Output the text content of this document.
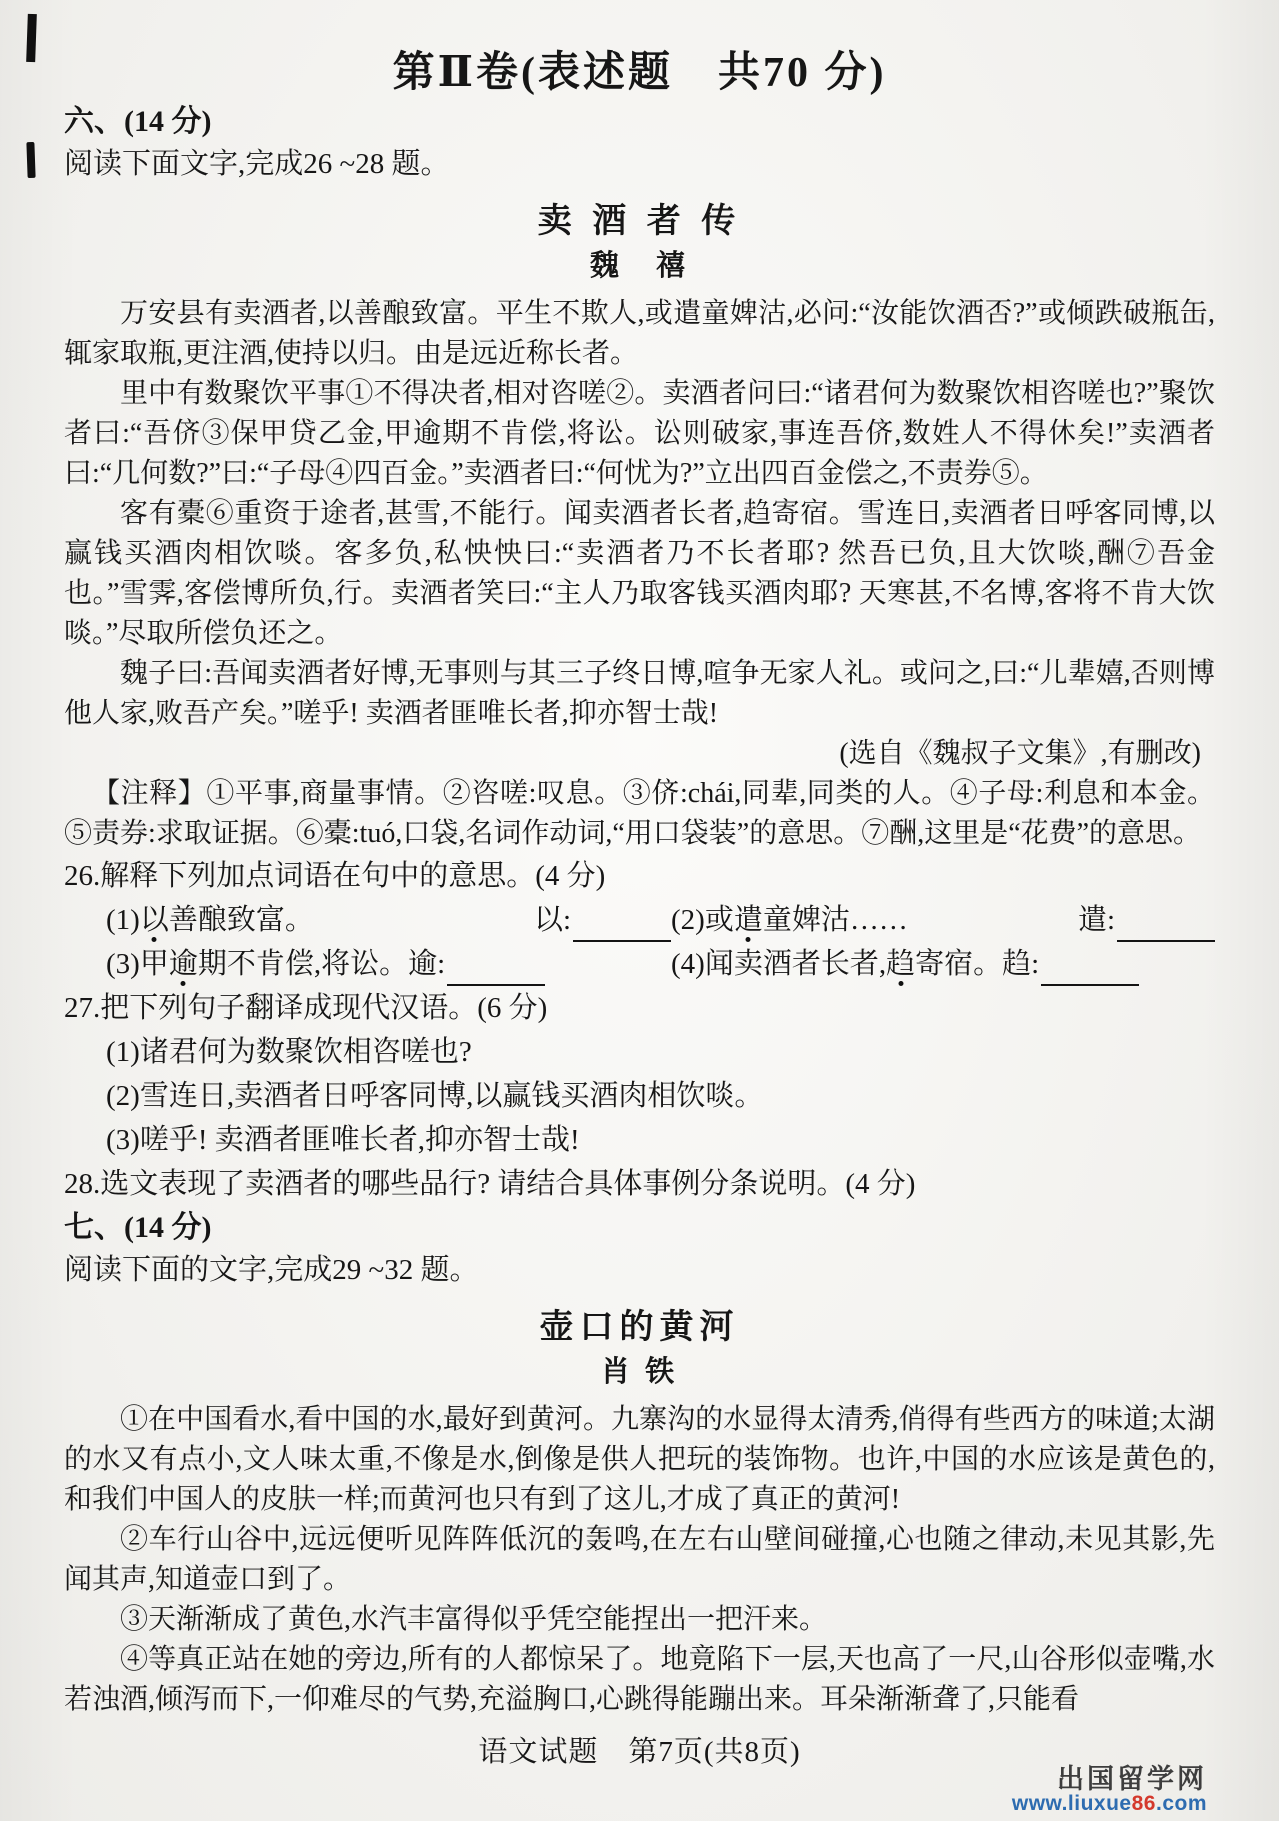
第Ⅱ卷(表述题　共70 分)
六、(14 分)
阅读下面文字,完成26 ~28 题。
卖 酒 者 传
魏　禧

万安县有卖酒者,以善酿致富。平生不欺人,或遣童婢沽,必问:“汝能饮酒否?”或倾跌破瓶缶,辄家取瓶,更注酒,使持以归。由是远近称长者。

里中有数聚饮平事①不得决者,相对咨嗟②。卖酒者问曰:“诸君何为数聚饮相咨嗟也?”聚饮者曰:“吾侪③保甲贷乙金,甲逾期不肯偿,将讼。讼则破家,事连吾侪,数姓人不得休矣!”卖酒者曰:“几何数?”曰:“子母④四百金。”卖酒者曰:“何忧为?”立出四百金偿之,不责券⑤。

客有橐⑥重资于途者,甚雪,不能行。闻卖酒者长者,趋寄宿。雪连日,卖酒者日呼客同博,以赢钱买酒肉相饮啖。客多负,私怏怏曰:“卖酒者乃不长者耶? 然吾已负,且大饮啖,酬⑦吾金也。”雪霁,客偿博所负,行。卖酒者笑曰:“主人乃取客钱买酒肉耶? 天寒甚,不名博,客将不肯大饮啖。”尽取所偿负还之。

魏子曰:吾闻卖酒者好博,无事则与其三子终日博,喧争无家人礼。或问之,曰:“儿辈嬉,否则博他人家,败吾产矣。”嗟乎! 卖酒者匪唯长者,抑亦智士哉!

(选自《魏叔子文集》,有删改)

【注释】①平事,商量事情。②咨嗟:叹息。③侪:chái,同辈,同类的人。④子母:利息和本金。⑤责券:求取证据。⑥橐:tuó,口袋,名词作动词,“用口袋装”的意思。⑦酬,这里是“花费”的意思。

26.解释下列加点词语在句中的意思。(4 分)
(1)以善酿致富。	以:	(2)或遣童婢沽……	遣:
(3)甲逾期不肯偿,将讼。 逾:	(4)闻卖酒者长者,趋寄宿。 趋:
27.把下列句子翻译成现代汉语。(6 分)
(1)诸君何为数聚饮相咨嗟也?
(2)雪连日,卖酒者日呼客同博,以赢钱买酒肉相饮啖。
(3)嗟乎! 卖酒者匪唯长者,抑亦智士哉!
28.选文表现了卖酒者的哪些品行? 请结合具体事例分条说明。(4 分)
七、(14 分)
阅读下面的文字,完成29 ~32 题。
壶口的黄河
肖 铁

①在中国看水,看中国的水,最好到黄河。九寨沟的水显得太清秀,俏得有些西方的味道;太湖的水又有点小,文人味太重,不像是水,倒像是供人把玩的装饰物。也许,中国的水应该是黄色的,和我们中国人的皮肤一样;而黄河也只有到了这儿,才成了真正的黄河!

②车行山谷中,远远便听见阵阵低沉的轰鸣,在左右山壁间碰撞,心也随之律动,未见其影,先闻其声,知道壶口到了。

③天渐渐成了黄色,水汽丰富得似乎凭空能捏出一把汗来。

④等真正站在她的旁边,所有的人都惊呆了。地竟陷下一层,天也高了一尺,山谷形似壶嘴,水若浊酒,倾泻而下,一仰难尽的气势,充溢胸口,心跳得能蹦出来。耳朵渐渐聋了,只能看

语文试题　第7页(共8页)
出国留学网
www.liuxue86.com
